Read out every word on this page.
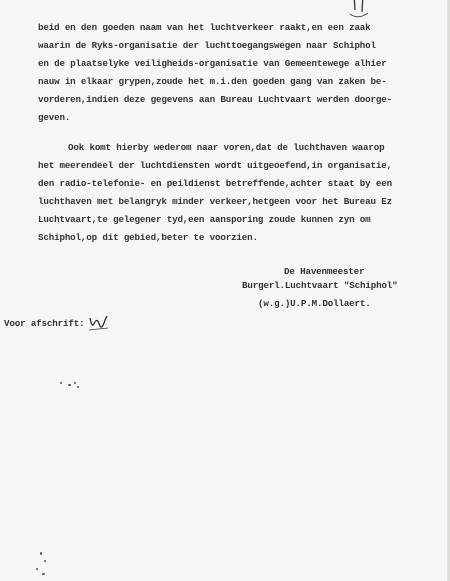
beid en den goeden naam van het luchtverkeer raakt,en een zaak
waarin de Ryks-organisatie der luchttoegangswegen naar Schiphol
en de plaatselyke veiligheids-organisatie van Gemeentewege alhier
nauw in elkaar grypen,zoude het m.i.den goeden gang van zaken be-
vorderen,indien deze gegevens aan Bureau Luchtvaart werden doorge-
geven.
Ook komt hierby wederom naar voren,dat de luchthaven waarop
het meerendeel der luchtdiensten wordt uitgeoefend,in organisatie,
den radio-telefonie- en peildienst betreffende,achter staat by een
luchthaven met belangryk minder verkeer,hetgeen voor het Bureau Ez
Luchtvaart,te gelegener tyd,een aansporing zoude kunnen zyn om
Schiphol,op dit gebied,beter te voorzien.
De Havenmeester
Burgerl.Luchtvaart "Schiphol"
(w.g.)U.P.M.Dollaert.
Voor afschrift:
